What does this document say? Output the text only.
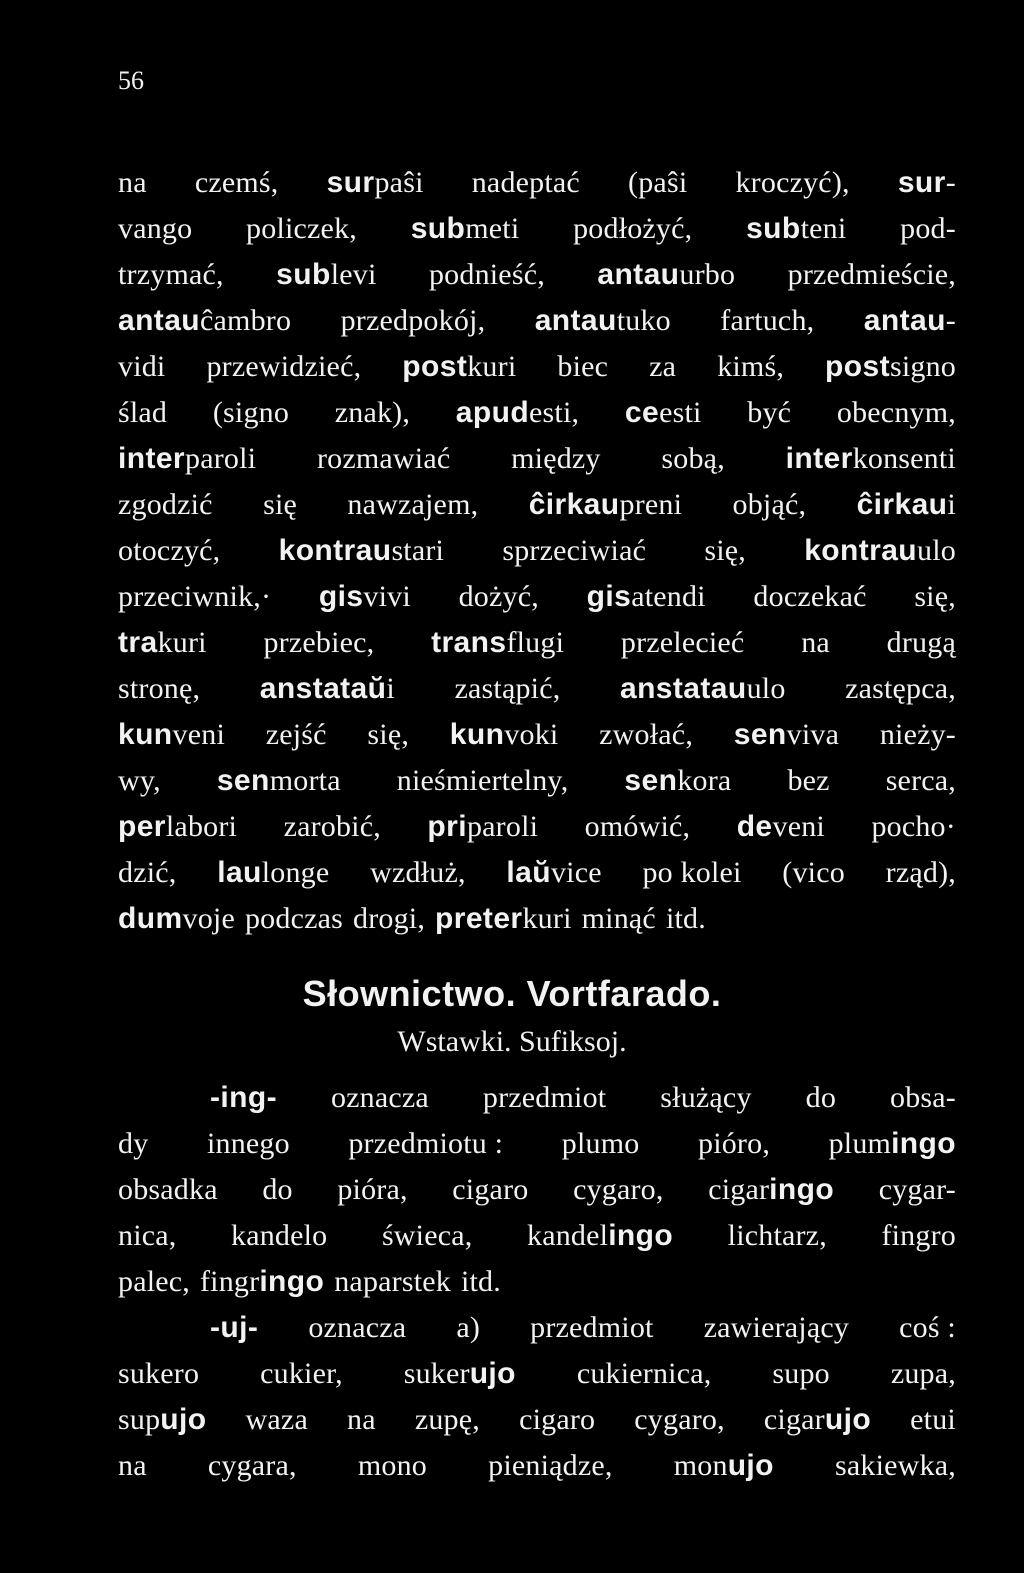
56
na czemś, surpaŝi nadeptać (paŝi kroczyć), sur-
vango policzek, submeti podłożyć, subteni pod-
trzymać, sublevi podnieść, antauurbo przedmieście,
antauĉambro przedpokój, antautuko fartuch, antau-
vidi przewidzieć, postkuri biec za kimś, postsigno
ślad (signo znak), apudesti, ceesti być obecnym,
interparoli rozmawiać między sobą, interkonsenti
zgodzić się nawzajem, ĉirkaupreni objąć, ĉirkaui
otoczyć, kontraustari sprzeciwiać się, kontrauulo
przeciwnik,· gisvivi dożyć, gisatendi doczekać się,
trakuri przebiec, transflugi przelecieć na drugą
stronę, anstataŭi zastąpić, anstatauulo zastępca,
kunveni zejść się, kunvoki zwołać, senviva nieży-
wy, senmorta nieśmiertelny, senkora bez serca,
perlabori zarobić, priparoli omówić, deveni pocho·
dzić, laulonge wzdłuż, laŭvice po kolei (vico rząd),
dumvoje podczas drogi, preterkuri minąć itd.
Słownictwo. Vortfarado.
Wstawki. Sufiksoj.
-ing- oznacza przedmiot służący do obsa-
dy innego przedmiotu : plumo pióro, plumingo
obsadka do pióra, cigaro cygaro, cigaringo cygar-
nica, kandelo świeca, kandelingo lichtarz, fingro
palec, fingringo naparstek itd.
-uj- oznacza a) przedmiot zawierający coś :
sukero cukier, sukerujo cukiernica, supo zupa,
supujo waza na zupę, cigaro cygaro, cigarujo etui
na cygara, mono pieniądze, monujo sakiewka,
